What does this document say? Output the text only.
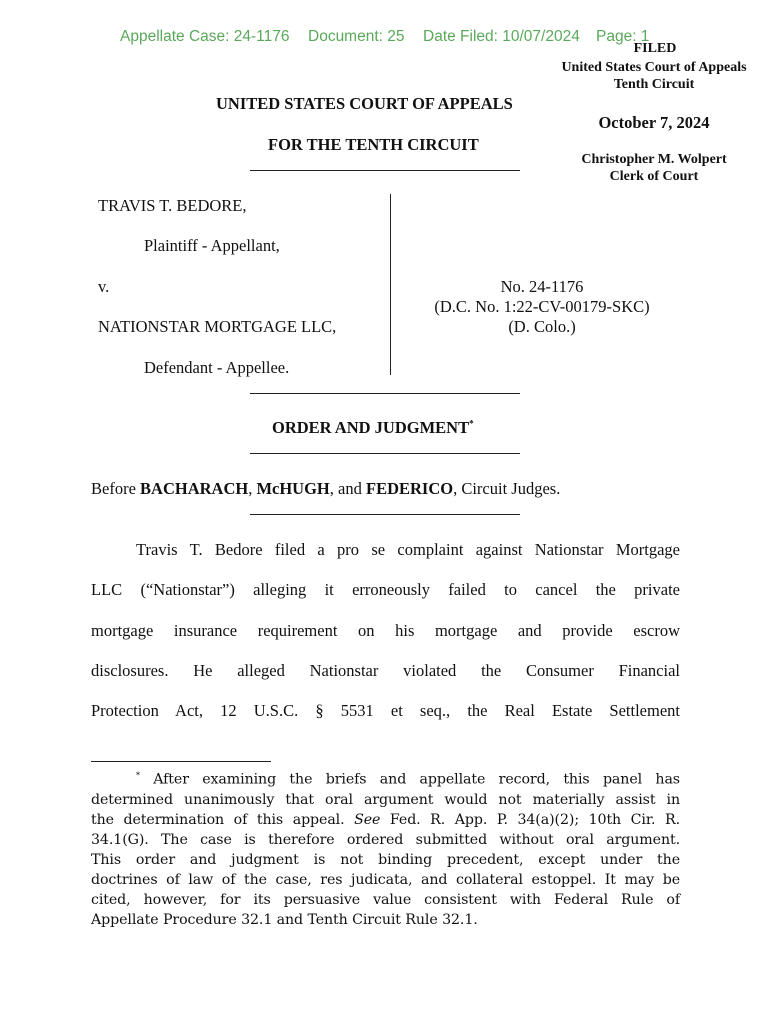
Appellate Case: 24-1176 Document: 25 Date Filed: 10/07/2024 Page: 1
FILED
United States Court of Appeals
Tenth Circuit
October 7, 2024
Christopher M. Wolpert
Clerk of Court
UNITED STATES COURT OF APPEALS
FOR THE TENTH CIRCUIT
TRAVIS T. BEDORE,
Plaintiff - Appellant,
v.
NATIONSTAR MORTGAGE LLC,
Defendant - Appellee.
No. 24-1176
(D.C. No. 1:22-CV-00179-SKC)
(D. Colo.)
ORDER AND JUDGMENT*
Before BACHARACH, McHUGH, and FEDERICO, Circuit Judges.
Travis T. Bedore filed a pro se complaint against Nationstar Mortgage
LLC (“Nationstar”) alleging it erroneously failed to cancel the private
mortgage insurance requirement on his mortgage and provide escrow
disclosures. He alleged Nationstar violated the Consumer Financial
Protection Act, 12 U.S.C. § 5531 et seq., the Real Estate Settlement
* After examining the briefs and appellate record, this panel has
determined unanimously that oral argument would not materially assist in
the determination of this appeal. See Fed. R. App. P. 34(a)(2); 10th Cir. R.
34.1(G). The case is therefore ordered submitted without oral argument.
This order and judgment is not binding precedent, except under the
doctrines of law of the case, res judicata, and collateral estoppel. It may be
cited, however, for its persuasive value consistent with Federal Rule of
Appellate Procedure 32.1 and Tenth Circuit Rule 32.1.
